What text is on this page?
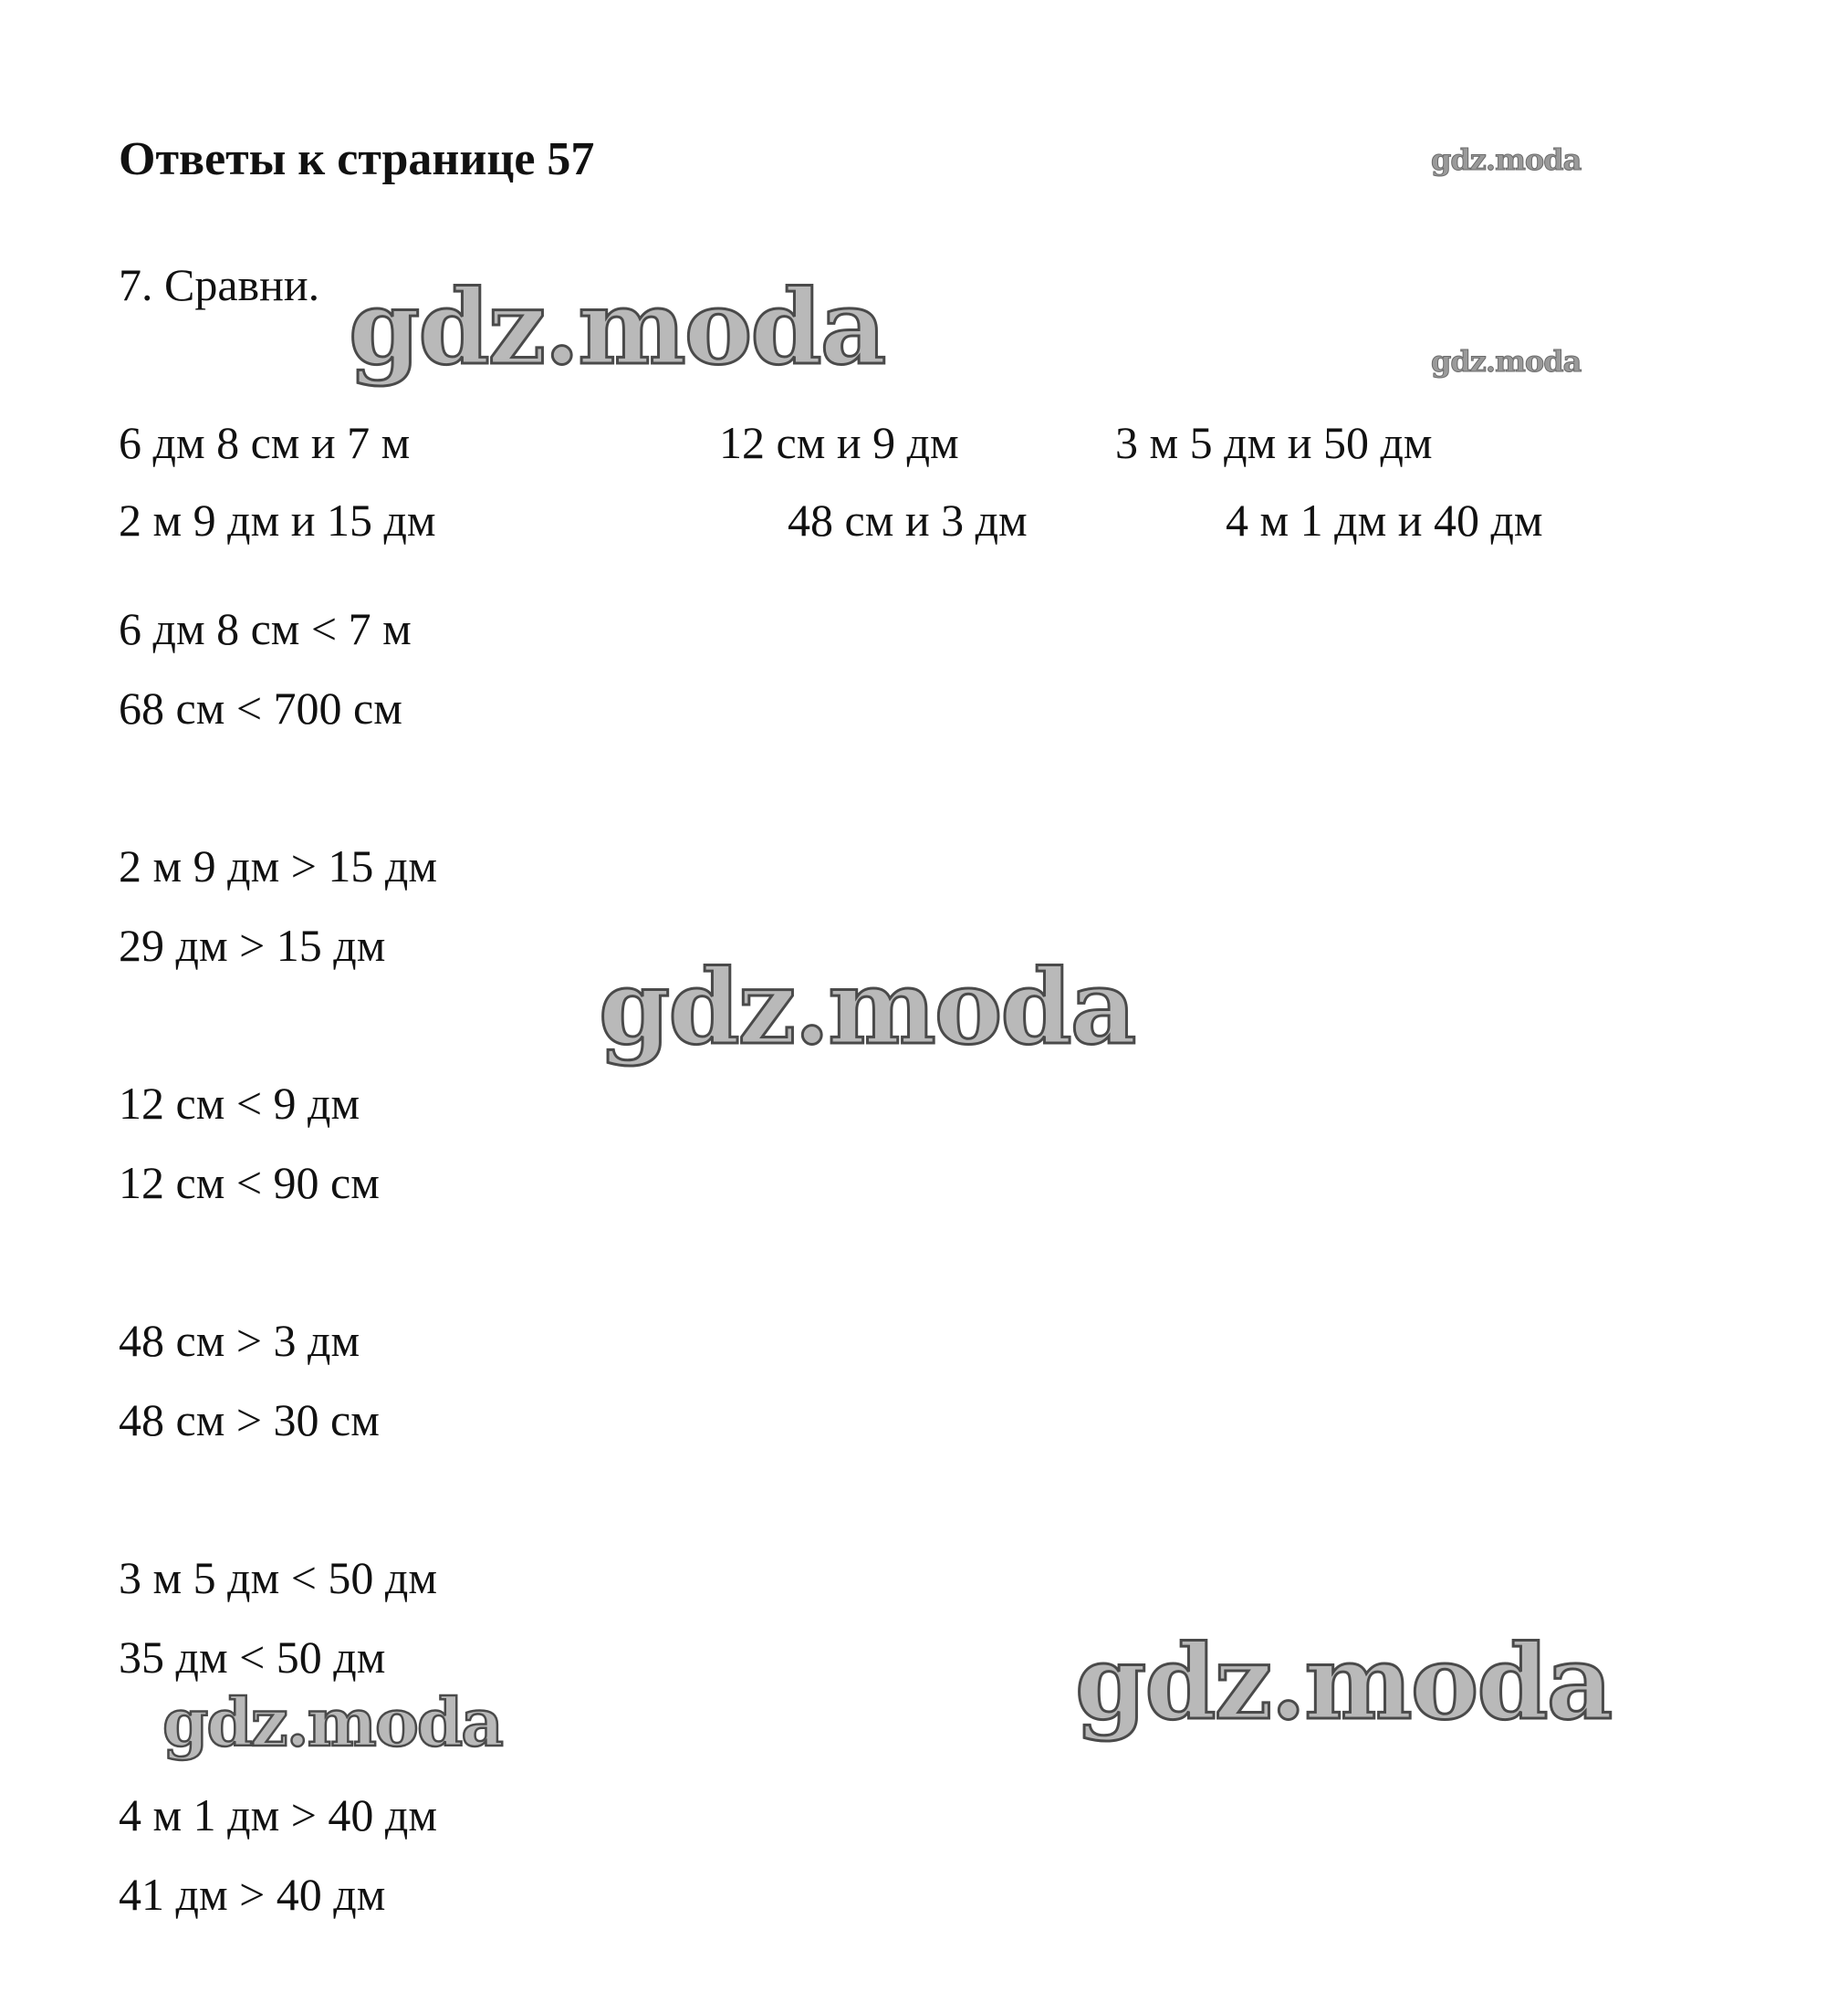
Ответы к странице 57
7. Сравни.
6 дм 8 см и 7 м	12 см и 9 дм	3 м 5 дм и 50 дм
2 м 9 дм и 15 дм	48 см и 3 дм	4 м 1 дм и 40 дм
6 дм 8 см < 7 м
68 см < 700 см
2 м 9 дм > 15 дм
29 дм > 15 дм
12 см < 9 дм
12 см < 90 см
48 см > 3 дм
48 см > 30 см
3 м 5 дм < 50 дм
35 дм < 50 дм
4 м 1 дм > 40 дм
41 дм > 40 дм
gdz.moda
gdz.moda
gdz.moda
gdz.moda
gdz.moda
gdz.moda
